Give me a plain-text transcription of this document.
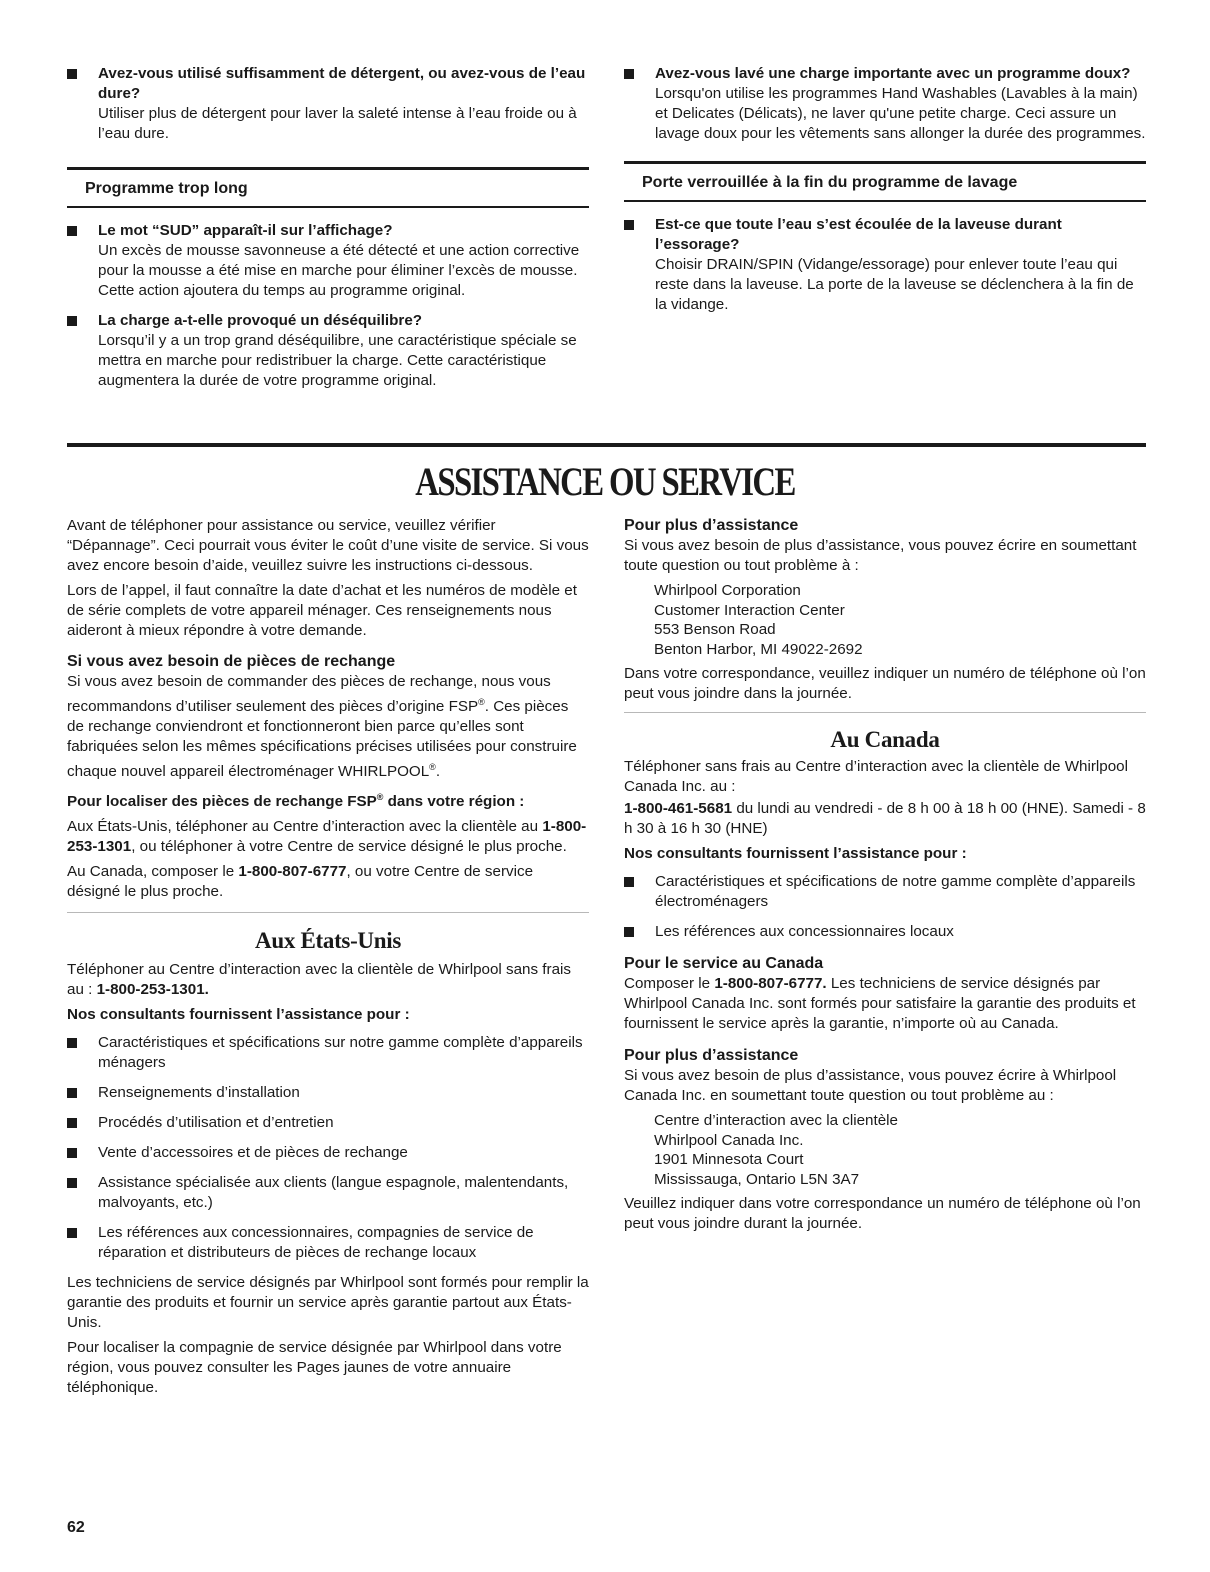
Avez-vous utilisé suffisamment de détergent, ou avez-vous de l’eau dure?
Utiliser plus de détergent pour laver la saleté intense à l’eau froide ou à l’eau dure.
Programme trop long
Le mot “SUD” apparaît-il sur l’affichage?
Un excès de mousse savonneuse a été détecté et une action corrective pour la mousse a été mise en marche pour éliminer l’excès de mousse. Cette action ajoutera du temps au programme original.
La charge a-t-elle provoqué un déséquilibre?
Lorsqu’il y a un trop grand déséquilibre, une caractéristique spéciale se mettra en marche pour redistribuer la charge. Cette caractéristique augmentera la durée de votre programme original.
Avez-vous lavé une charge importante avec un programme doux?
Lorsqu'on utilise les programmes Hand Washables (Lavables à la main) et Delicates (Délicats), ne laver qu'une petite charge. Ceci assure un lavage doux pour les vêtements sans allonger la durée des programmes.
Porte verrouillée à la fin du programme de lavage
Est-ce que toute l’eau s’est écoulée de la laveuse durant l’essorage?
Choisir DRAIN/SPIN (Vidange/essorage) pour enlever toute l’eau qui reste dans la laveuse. La porte de la laveuse se déclenchera à la fin de la vidange.
ASSISTANCE OU SERVICE

Avant de téléphoner pour assistance ou service, veuillez vérifier “Dépannage”. Ceci pourrait vous éviter le coût d’une visite de service. Si vous avez encore besoin d’aide, veuillez suivre les instructions ci-dessous.

Lors de l’appel, il faut connaître la date d’achat et les numéros de modèle et de série complets de votre appareil ménager. Ces renseignements nous aideront à mieux répondre à votre demande.

Si vous avez besoin de pièces de rechange

Si vous avez besoin de commander des pièces de rechange, nous vous recommandons d’utiliser seulement des pièces d’origine FSP®. Ces pièces de rechange conviendront et fonctionneront bien parce qu’elles sont fabriquées selon les mêmes spécifications précises utilisées pour construire chaque nouvel appareil électroménager WHIRLPOOL®.

Pour localiser des pièces de rechange FSP® dans votre région :

Aux États-Unis, téléphoner au Centre d’interaction avec la clientèle au 1-800-253-1301, ou téléphoner à votre Centre de service désigné le plus proche.

Au Canada, composer le 1-800-807-6777, ou votre Centre de service désigné le plus proche.

Aux États-Unis

Téléphoner au Centre d’interaction avec la clientèle de Whirlpool sans frais au : 1-800-253-1301.

Nos consultants fournissent l’assistance pour :

Caractéristiques et spécifications sur notre gamme complète d’appareils ménagers
Renseignements d’installation
Procédés d’utilisation et d’entretien
Vente d’accessoires et de pièces de rechange
Assistance spécialisée aux clients (langue espagnole, malentendants, malvoyants, etc.)
Les références aux concessionnaires, compagnies de service de réparation et distributeurs de pièces de rechange locaux

Les techniciens de service désignés par Whirlpool sont formés pour remplir la garantie des produits et fournir un service après garantie partout aux États-Unis.

Pour localiser la compagnie de service désignée par Whirlpool dans votre région, vous pouvez consulter les Pages jaunes de votre annuaire téléphonique.

Pour plus d’assistance

Si vous avez besoin de plus d’assistance, vous pouvez écrire en soumettant toute question ou tout problème à :

Whirlpool Corporation
Customer Interaction Center
553 Benson Road
Benton Harbor, MI 49022-2692

Dans votre correspondance, veuillez indiquer un numéro de téléphone où l’on peut vous joindre dans la journée.

Au Canada

Téléphoner sans frais au Centre d’interaction avec la clientèle de Whirlpool Canada Inc. au :

1-800-461-5681 du lundi au vendredi - de 8 h 00 à 18 h 00 (HNE). Samedi - 8 h 30 à 16 h 30 (HNE)

Nos consultants fournissent l’assistance pour :

Caractéristiques et spécifications de notre gamme complète d’appareils électroménagers
Les références aux concessionnaires locaux
Pour le service au Canada

Composer le 1-800-807-6777. Les techniciens de service désignés par Whirlpool Canada Inc. sont formés pour satisfaire la garantie des produits et fournissent le service après la garantie, n’importe où au Canada.

Pour plus d’assistance

Si vous avez besoin de plus d’assistance, vous pouvez écrire à Whirlpool Canada Inc. en soumettant toute question ou tout problème au :

Centre d’interaction avec la clientèle
Whirlpool Canada Inc.
1901 Minnesota Court
Mississauga, Ontario L5N 3A7

Veuillez indiquer dans votre correspondance un numéro de téléphone où l’on peut vous joindre durant la journée.

62
